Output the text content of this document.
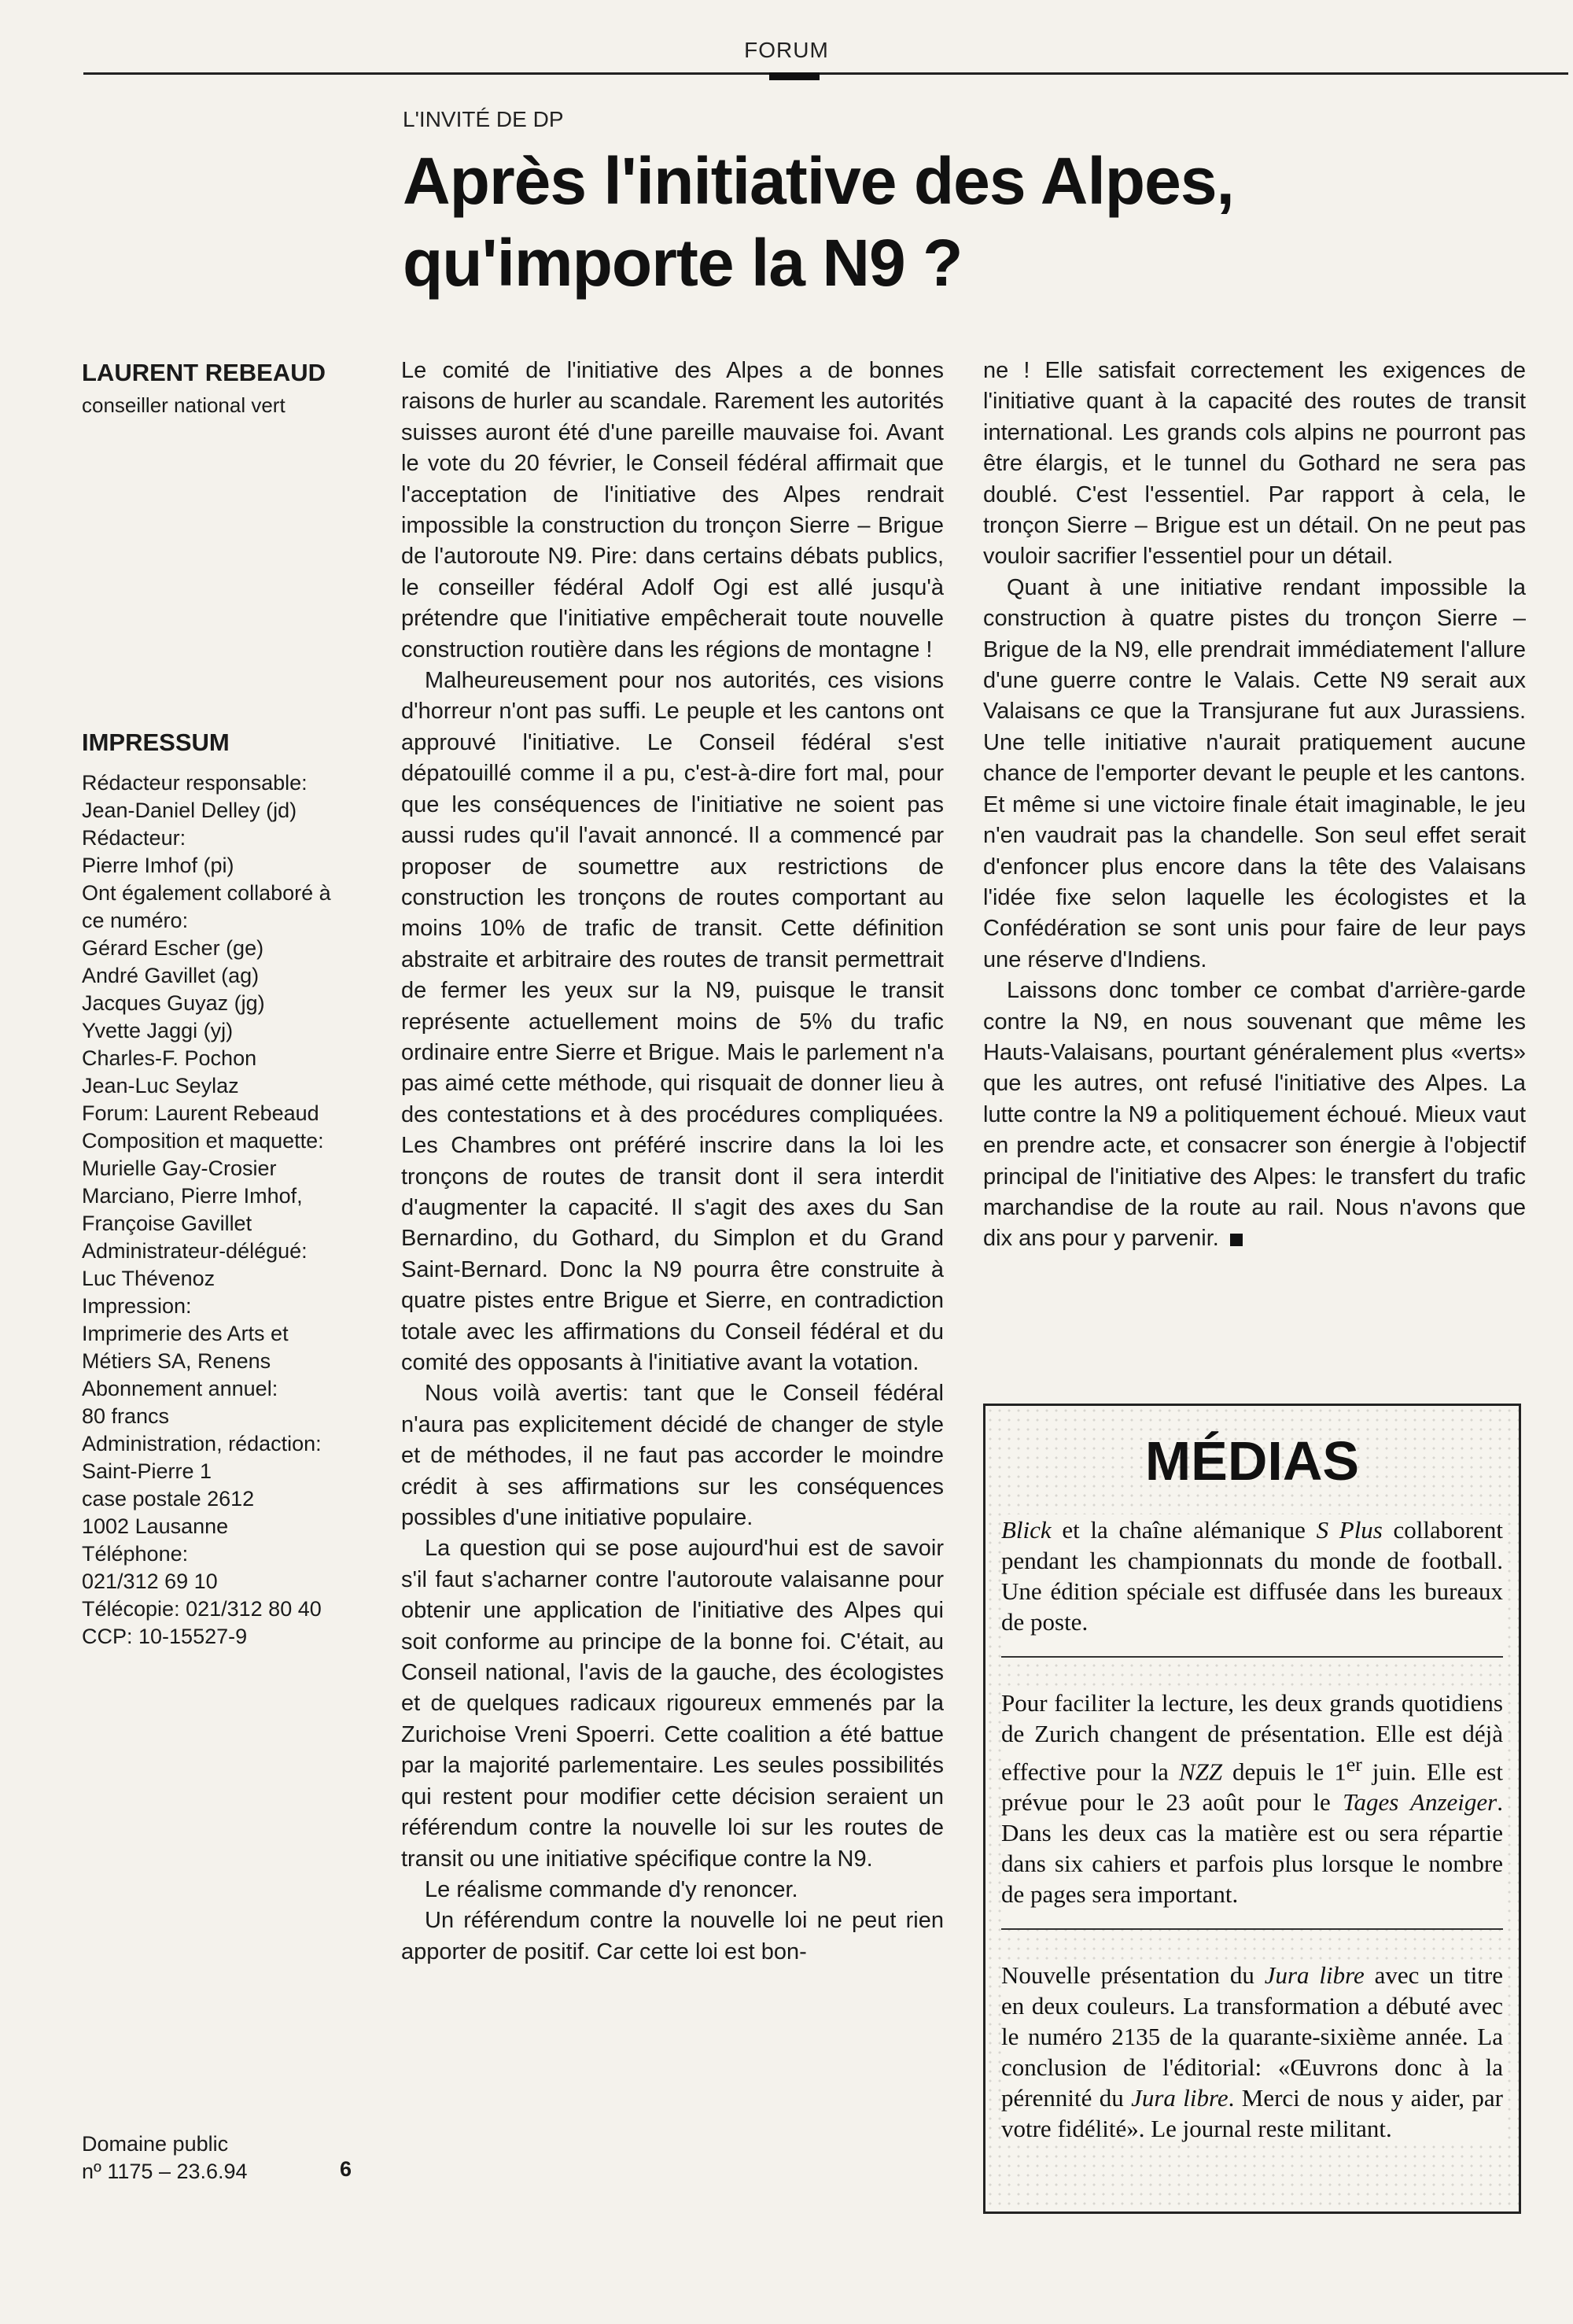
FORUM
L'INVITÉ DE DP
Après l'initiative des Alpes,
qu'importe la N9 ?
LAURENT REBEAUD
conseiller national vert
IMPRESSUM
Rédacteur responsable:
Jean-Daniel Delley (jd)
Rédacteur:
Pierre Imhof (pi)
Ont également collaboré à
ce numéro:
Gérard Escher (ge)
André Gavillet (ag)
Jacques Guyaz (jg)
Yvette Jaggi (yj)
Charles-F. Pochon
Jean-Luc Seylaz
Forum: Laurent Rebeaud
Composition et maquette:
Murielle Gay-Crosier
Marciano, Pierre Imhof,
Françoise Gavillet
Administrateur-délégué:
Luc Thévenoz
Impression:
Imprimerie des Arts et
Métiers SA, Renens
Abonnement annuel:
80 francs
Administration, rédaction:
Saint-Pierre 1
case postale 2612
1002 Lausanne
Téléphone:
021/312 69 10
Télécopie: 021/312 80 40
CCP: 10-15527-9
Domaine public
nº 1175 – 23.6.94	6

Le comité de l'initiative des Alpes a de bonnes raisons de hurler au scandale. Rarement les autorités suisses auront été d'une pareille mauvaise foi. Avant le vote du 20 février, le Conseil fédéral affirmait que l'acceptation de l'initiative des Alpes rendrait impossible la construction du tronçon Sierre – Brigue de l'autoroute N9. Pire: dans certains débats publics, le conseiller fédéral Adolf Ogi est allé jusqu'à prétendre que l'initiative empêcherait toute nouvelle construction routière dans les régions de montagne !

Malheureusement pour nos autorités, ces visions d'horreur n'ont pas suffi. Le peuple et les cantons ont approuvé l'initiative. Le Conseil fédéral s'est dépatouillé comme il a pu, c'est-à-dire fort mal, pour que les conséquences de l'initiative ne soient pas aussi rudes qu'il l'avait annoncé. Il a commencé par proposer de soumettre aux restrictions de construction les tronçons de routes comportant au moins 10% de trafic de transit. Cette définition abstraite et arbitraire des routes de transit permettrait de fermer les yeux sur la N9, puisque le transit représente actuellement moins de 5% du trafic ordinaire entre Sierre et Brigue. Mais le parlement n'a pas aimé cette méthode, qui risquait de donner lieu à des contestations et à des procédures compliquées. Les Chambres ont préféré inscrire dans la loi les tronçons de routes de transit dont il sera interdit d'augmenter la capacité. Il s'agit des axes du San Bernardino, du Gothard, du Simplon et du Grand Saint-Bernard. Donc la N9 pourra être construite à quatre pistes entre Brigue et Sierre, en contradiction totale avec les affirmations du Conseil fédéral et du comité des opposants à l'initiative avant la votation.

Nous voilà avertis: tant que le Conseil fédéral n'aura pas explicitement décidé de changer de style et de méthodes, il ne faut pas accorder le moindre crédit à ses affirmations sur les conséquences possibles d'une initiative populaire.

La question qui se pose aujourd'hui est de savoir s'il faut s'acharner contre l'autoroute valaisanne pour obtenir une application de l'initiative des Alpes qui soit conforme au principe de la bonne foi. C'était, au Conseil national, l'avis de la gauche, des écologistes et de quelques radicaux rigoureux emmenés par la Zurichoise Vreni Spoerri. Cette coalition a été battue par la majorité parlementaire. Les seules possibilités qui restent pour modifier cette décision seraient un référendum contre la nouvelle loi sur les routes de transit ou une initiative spécifique contre la N9.

Le réalisme commande d'y renoncer.

Un référendum contre la nouvelle loi ne peut rien apporter de positif. Car cette loi est bon-

ne ! Elle satisfait correctement les exigences de l'initiative quant à la capacité des routes de transit international. Les grands cols alpins ne pourront pas être élargis, et le tunnel du Gothard ne sera pas doublé. C'est l'essentiel. Par rapport à cela, le tronçon Sierre – Brigue est un détail. On ne peut pas vouloir sacrifier l'essentiel pour un détail.

Quant à une initiative rendant impossible la construction à quatre pistes du tronçon Sierre – Brigue de la N9, elle prendrait immédiatement l'allure d'une guerre contre le Valais. Cette N9 serait aux Valaisans ce que la Transjurane fut aux Jurassiens. Une telle initiative n'aurait pratiquement aucune chance de l'emporter devant le peuple et les cantons. Et même si une victoire finale était imaginable, le jeu n'en vaudrait pas la chandelle. Son seul effet serait d'enfoncer plus encore dans la tête des Valaisans l'idée fixe selon laquelle les écologistes et la Confédération se sont unis pour faire de leur pays une réserve d'Indiens.

Laissons donc tomber ce combat d'arrière-garde contre la N9, en nous souvenant que même les Hauts-Valaisans, pourtant généralement plus «verts» que les autres, ont refusé l'initiative des Alpes. La lutte contre la N9 a politiquement échoué. Mieux vaut en prendre acte, et consacrer son énergie à l'objectif principal de l'initiative des Alpes: le transfert du trafic marchandise de la route au rail. Nous n'avons que dix ans pour y parvenir.

MÉDIAS

Blick et la chaîne alémanique S Plus collaborent pendant les championnats du monde de football. Une édition spéciale est diffusée dans les bureaux de poste.

Pour faciliter la lecture, les deux grands quotidiens de Zurich changent de présentation. Elle est déjà effective pour la NZZ depuis le 1er juin. Elle est prévue pour le 23 août pour le Tages Anzeiger. Dans les deux cas la matière est ou sera répartie dans six cahiers et parfois plus lorsque le nombre de pages sera important.

Nouvelle présentation du Jura libre avec un titre en deux couleurs. La transformation a débuté avec le numéro 2135 de la quarante-sixième année. La conclusion de l'éditorial: «Œuvrons donc à la pérennité du Jura libre. Merci de nous y aider, par votre fidélité». Le journal reste militant.
